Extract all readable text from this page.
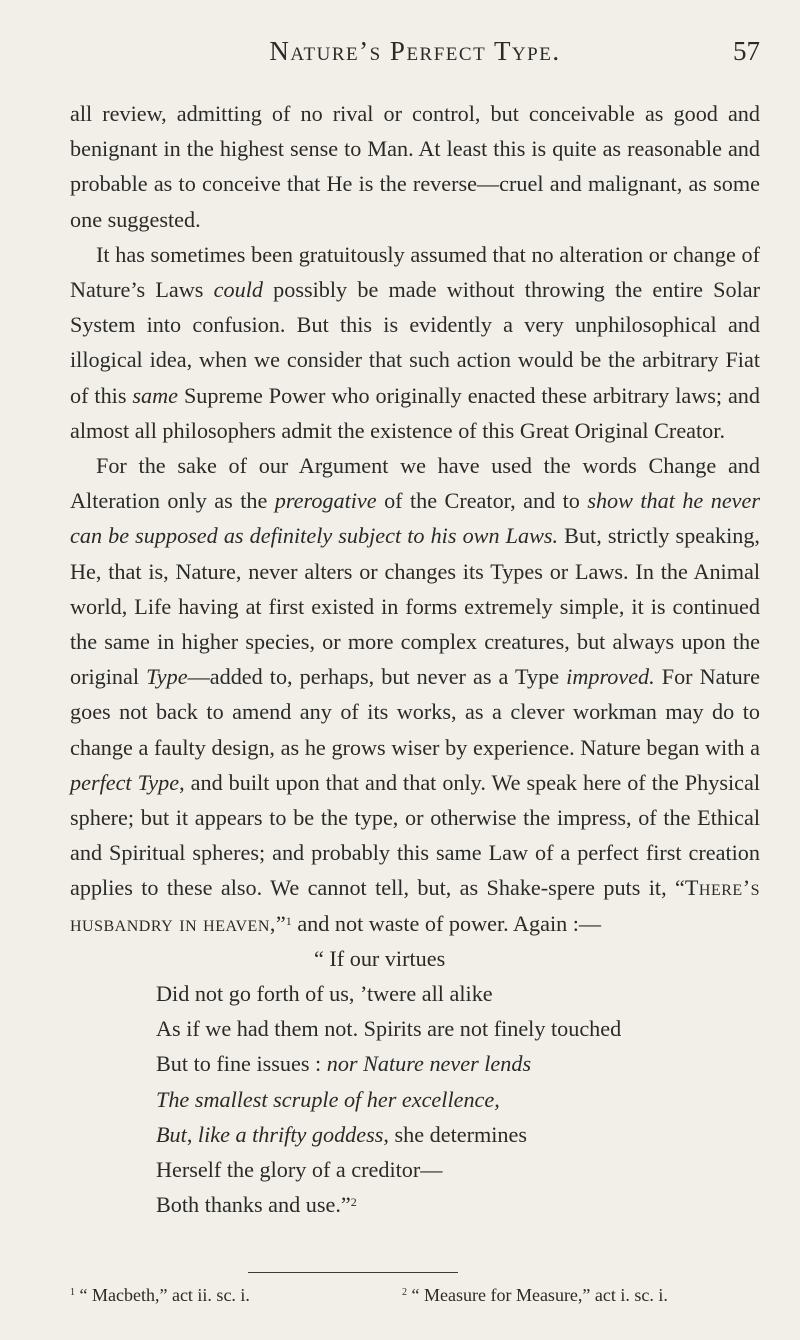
Nature’s Perfect Type.	57

all review, admitting of no rival or control, but conceivable as good and benignant in the highest sense to Man. At least this is quite as reasonable and probable as to conceive that He is the reverse—cruel and malignant, as some one suggested.

It has sometimes been gratuitously assumed that no alteration or change of Nature’s Laws could possibly be made without throwing the entire Solar System into confusion. But this is evidently a very unphilosophical and illogical idea, when we consider that such action would be the arbitrary Fiat of this same Supreme Power who originally enacted these arbitrary laws; and almost all philosophers admit the existence of this Great Original Creator.

For the sake of our Argument we have used the words Change and Alteration only as the prerogative of the Creator, and to show that he never can be supposed as definitely subject to his own Laws. But, strictly speaking, He, that is, Nature, never alters or changes its Types or Laws. In the Animal world, Life having at first existed in forms extremely simple, it is continued the same in higher species, or more complex creatures, but always upon the original Type—added to, perhaps, but never as a Type improved. For Nature goes not back to amend any of its works, as a clever workman may do to change a faulty design, as he grows wiser by experience. Nature began with a perfect Type, and built upon that and that only. We speak here of the Physical sphere; but it appears to be the type, or otherwise the impress, of the Ethical and Spiritual spheres; and probably this same Law of a perfect first creation applies to these also. We cannot tell, but, as Shake-spere puts it, “There’s husbandry in heaven,”$^1$ and not waste of power. Again :—

“ If our virtues
Did not go forth of us, ’twere all alike
As if we had them not. Spirits are not finely touched
But to fine issues : nor Nature never lends
The smallest scruple of her excellence,
But, like a thrifty goddess, she determines
Herself the glory of a creditor—
Both thanks and use.”$^2$
$^1$ “ Macbeth,” act ii. sc. i.	$^2$ “ Measure for Measure,” act i. sc. i.
